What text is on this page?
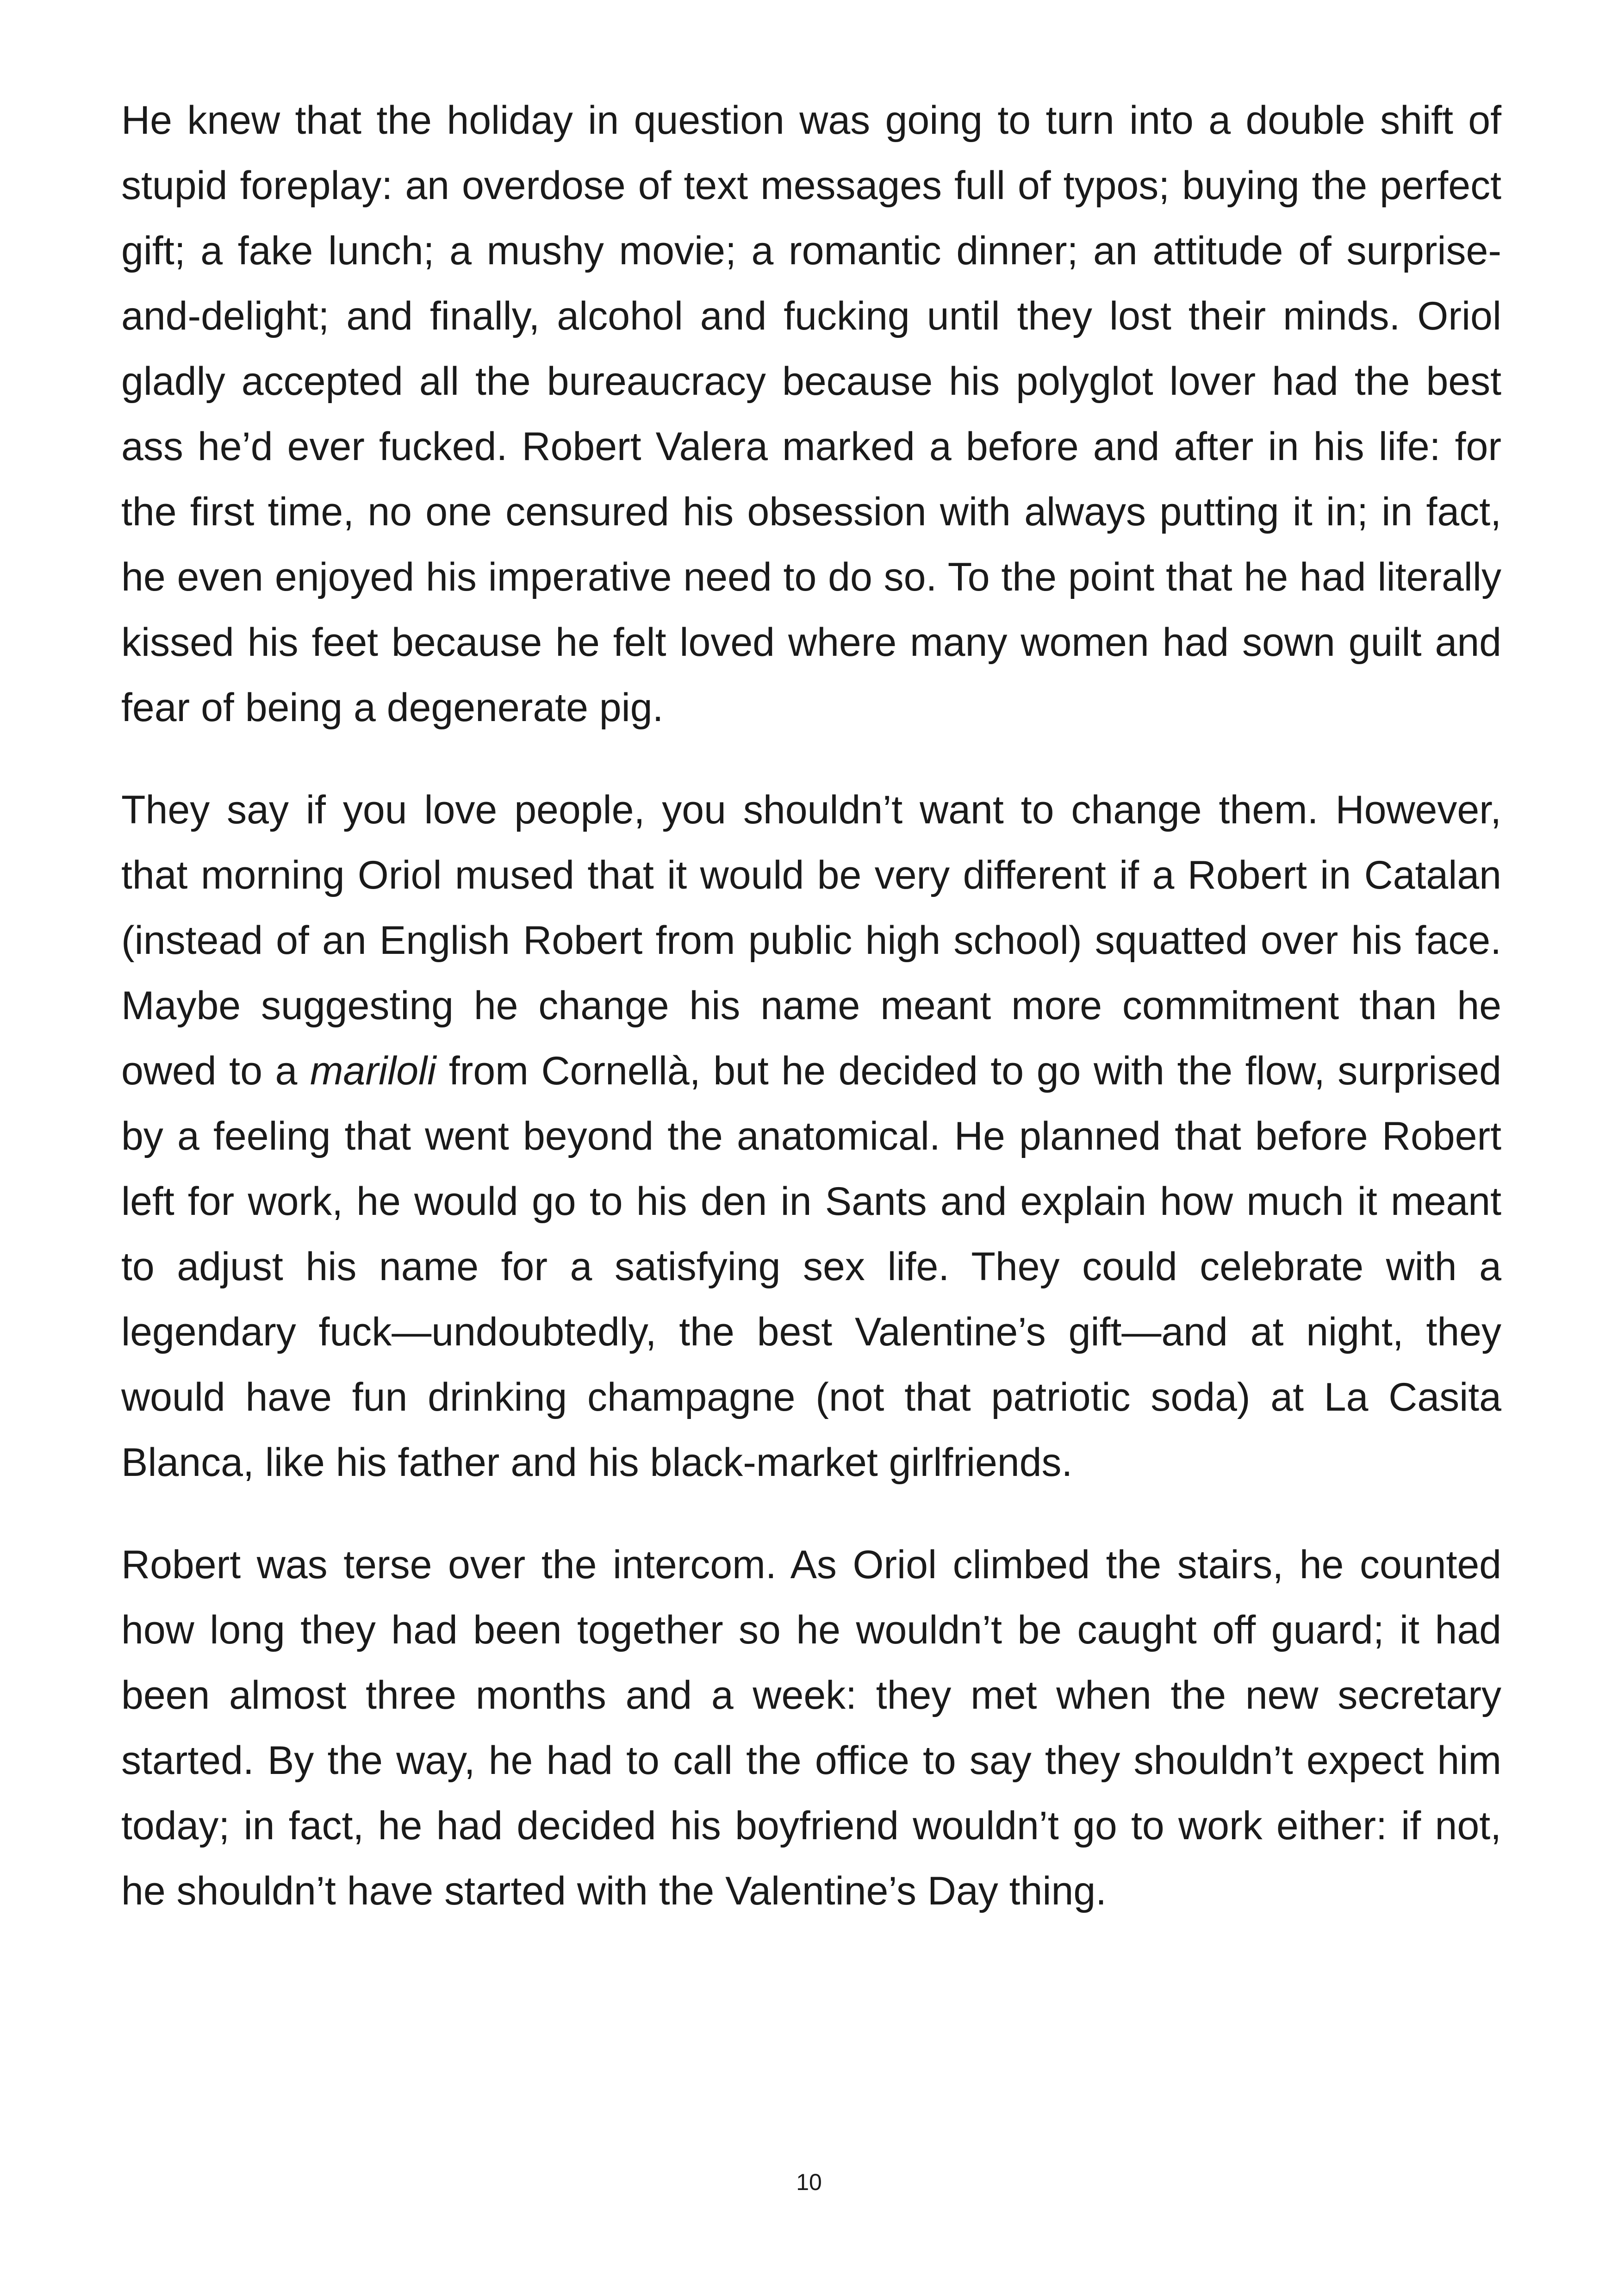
He knew that the holiday in question was going to turn into a double shift of stupid foreplay: an overdose of text messages full of typos; buying the perfect gift; a fake lunch; a mushy movie; a romantic dinner; an attitude of surprise-and-delight; and finally, alcohol and fucking until they lost their minds. Oriol gladly accepted all the bureaucracy because his polyglot lover had the best ass he’d ever fucked. Robert Valera marked a before and after in his life: for the first time, no one censured his obsession with always putting it in; in fact, he even enjoyed his imperative need to do so. To the point that he had literally kissed his feet because he felt loved where many women had sown guilt and fear of being a degenerate pig.

They say if you love people, you shouldn’t want to change them. However, that morning Oriol mused that it would be very different if a Robert in Catalan (instead of an English Robert from public high school) squatted over his face. Maybe suggesting he change his name meant more commitment than he owed to a mariloli from Cornellà, but he decided to go with the flow, surprised by a feeling that went beyond the anatomical. He planned that before Robert left for work, he would go to his den in Sants and explain how much it meant to adjust his name for a satisfying sex life. They could celebrate with a legendary fuck—undoubtedly, the best Valentine’s gift—and at night, they would have fun drinking champagne (not that patriotic soda) at La Casita Blanca, like his father and his black-market girlfriends.

Robert was terse over the intercom. As Oriol climbed the stairs, he counted how long they had been together so he wouldn’t be caught off guard; it had been almost three months and a week: they met when the new secretary started. By the way, he had to call the office to say they shouldn’t expect him today; in fact, he had decided his boyfriend wouldn’t go to work either: if not, he shouldn’t have started with the Valentine’s Day thing.

10
